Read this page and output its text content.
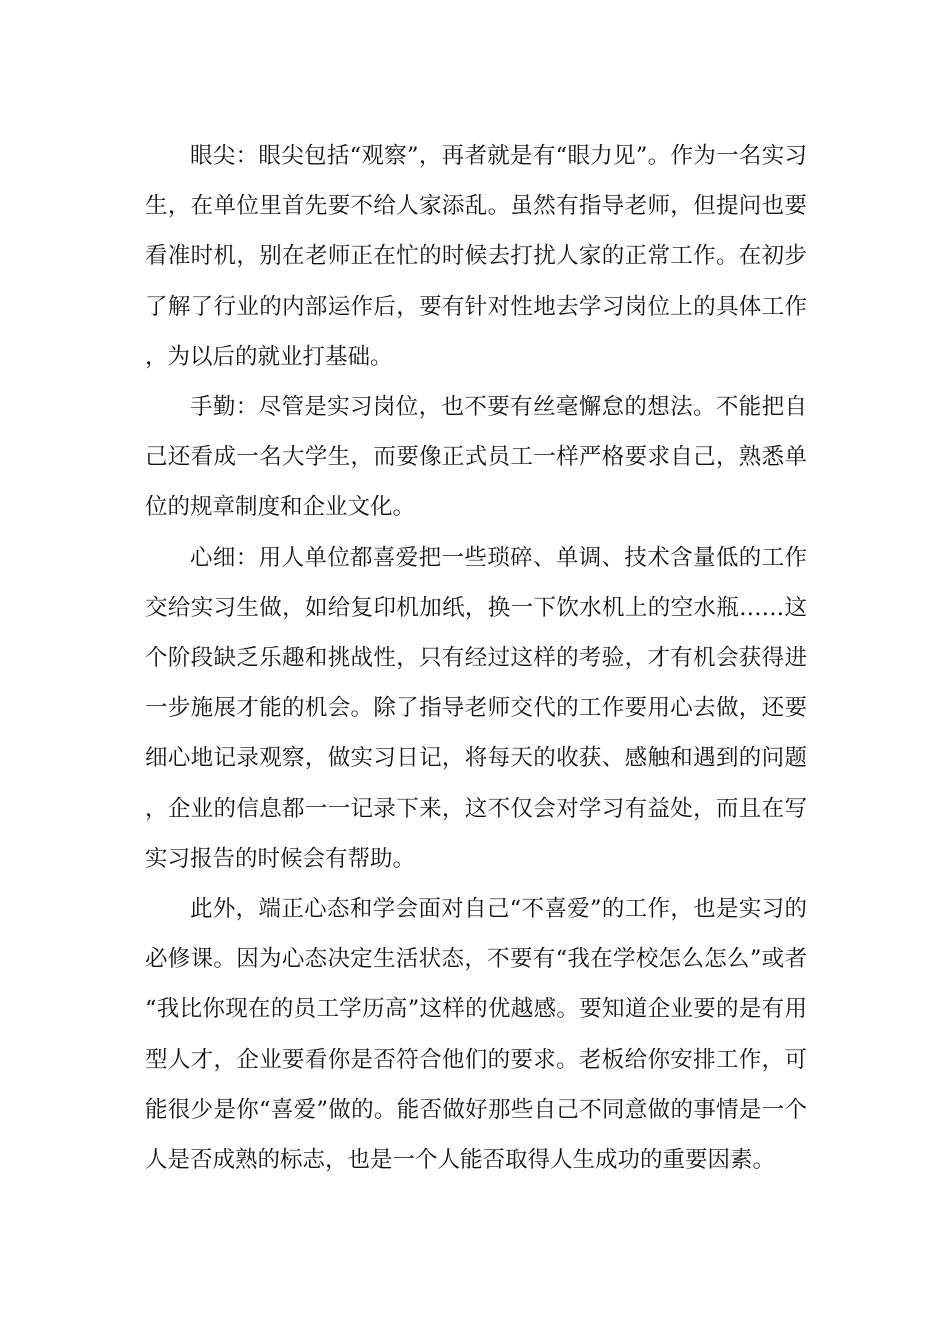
眼尖：眼尖包括“观察”，再者就是有“眼力见”。作为一名实习生，在单位里首先要不给人家添乱。虽然有指导老师，但提问也要看准时机，别在老师正在忙的时候去打扰人家的正常工作。在初步了解了行业的内部运作后，要有针对性地去学习岗位上的具体工作，为以后的就业打基础。

手勤：尽管是实习岗位，也不要有丝毫懈怠的想法。不能把自己还看成一名大学生，而要像正式员工一样严格要求自己，熟悉单位的规章制度和企业文化。

心细：用人单位都喜爱把一些琐碎、单调、技术含量低的工作交给实习生做，如给复印机加纸，换一下饮水机上的空水瓶……这个阶段缺乏乐趣和挑战性，只有经过这样的考验，才有机会获得进一步施展才能的机会。除了指导老师交代的工作要用心去做，还要细心地记录观察，做实习日记，将每天的收获、感触和遇到的问题，企业的信息都一一记录下来，这不仅会对学习有益处，而且在写实习报告的时候会有帮助。

此外，端正心态和学会面对自己“不喜爱”的工作，也是实习的必修课。因为心态决定生活状态，不要有“我在学校怎么怎么”或者“我比你现在的员工学历高”这样的优越感。要知道企业要的是有用型人才，企业要看你是否符合他们的要求。老板给你安排工作，可能很少是你“喜爱”做的。能否做好那些自己不同意做的事情是一个人是否成熟的标志，也是一个人能否取得人生成功的重要因素。
